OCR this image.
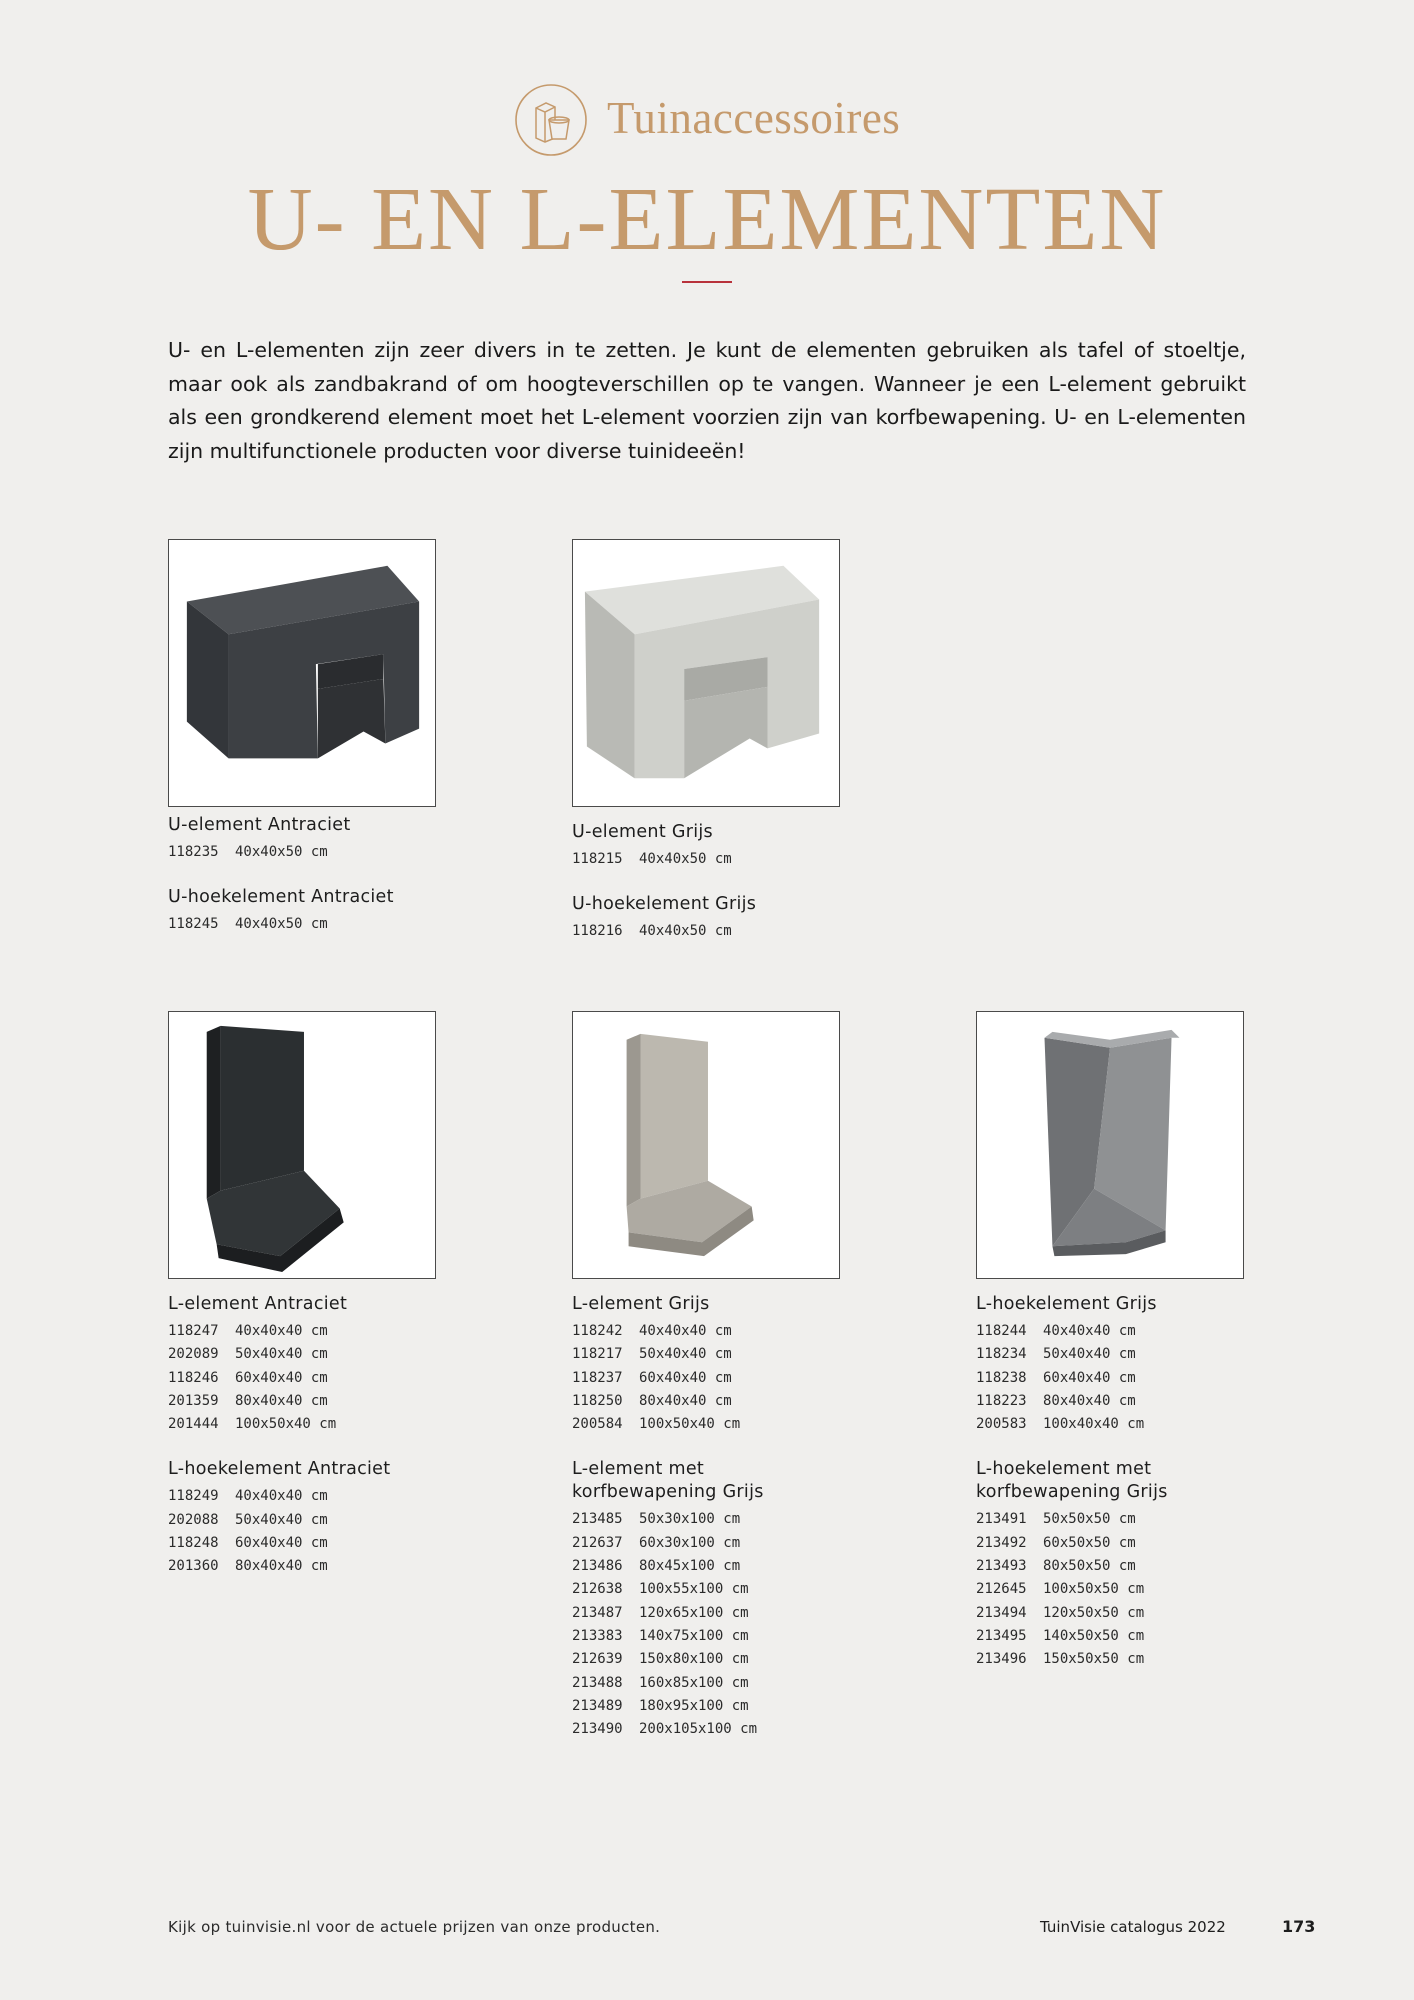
Tuinaccessoires
U- EN L-ELEMENTEN
U- en L-elementen zijn zeer divers in te zetten. Je kunt de elementen gebruiken als tafel of stoeltje, maar ook als zandbakrand of om hoogteverschillen op te vangen. Wanneer je een L-element gebruikt als een grondkerend element moet het L-element voorzien zijn van korfbewapening. U- en L-elementen zijn multifunctionele producten voor diverse tuinideeën!
U-element Antraciet
118235 40x40x50 cm
U-hoekelement Antraciet
118245 40x40x50 cm
U-element Grijs
118215 40x40x50 cm
U-hoekelement Grijs
118216 40x40x50 cm
L-element Antraciet
118247 40x40x40 cm
202089 50x40x40 cm
118246 60x40x40 cm
201359 80x40x40 cm
201444 100x50x40 cm
L-hoekelement Antraciet
118249 40x40x40 cm
202088 50x40x40 cm
118248 60x40x40 cm
201360 80x40x40 cm
L-element Grijs
118242 40x40x40 cm
118217 50x40x40 cm
118237 60x40x40 cm
118250 80x40x40 cm
200584 100x50x40 cm
L-element met
korfbewapening Grijs
213485 50x30x100 cm
212637 60x30x100 cm
213486 80x45x100 cm
212638 100x55x100 cm
213487 120x65x100 cm
213383 140x75x100 cm
212639 150x80x100 cm
213488 160x85x100 cm
213489 180x95x100 cm
213490 200x105x100 cm
L-hoekelement Grijs
118244 40x40x40 cm
118234 50x40x40 cm
118238 60x40x40 cm
118223 80x40x40 cm
200583 100x40x40 cm
L-hoekelement met
korfbewapening Grijs
213491 50x50x50 cm
213492 60x50x50 cm
213493 80x50x50 cm
212645 100x50x50 cm
213494 120x50x50 cm
213495 140x50x50 cm
213496 150x50x50 cm
Kijk op tuinvisie.nl voor de actuele prijzen van onze producten.	TuinVisie catalogus 2022	173
